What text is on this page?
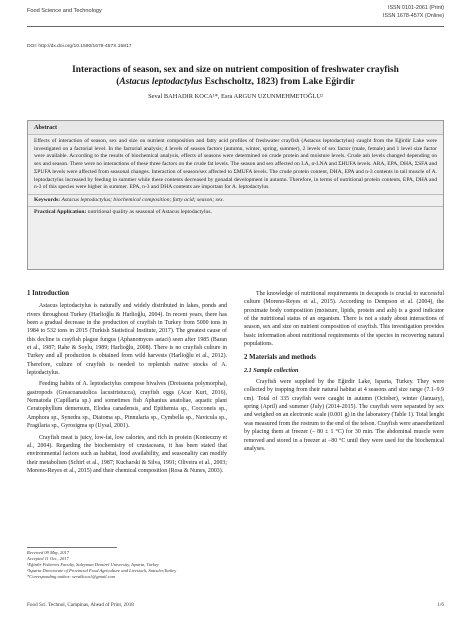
Food Science and Technology	ISSN 0101-2061 (Print)
ISSN 1678-457X (Online)
DOI: http://dx.doi.org/10.1590/1678-457X.15817
Interactions of season, sex and size on nutrient composition of freshwater crayfish
(Astacus leptodactylus Eschscholtz, 1823) from Lake Eğirdir
Seval BAHADIR KOCA¹*, Esra ARGUN UZUNMEHMETOĞLU²
Abstract
Effects of interaction of season, sex and size on nutrient composition and fatty acid profiles of freshwater crayfish (Astacus leptodactylus) caught from the Eğirdir Lake were investigated on a factorial level. In the factorial analysis; 4 levels of season factors (autumn, winter, spring, summer), 2 levels of sex factor (male, female) and 1 level size factor were available. According to the results of biochemical analysis, effects of seasons were determined on crude protein and moisture levels. Crude ash levels changed depending on sex and season. There were no interactions of these three factors on the crude fat levels. The season and sex affected on LA, α-LNA and ΣHUFA levels. ARA, EPA, DHA, ΣSFA and ΣPUFA levels were affected from seasonal changes. Interaction of season/sex affected to ΣMUFA levels. The crude protein content, DHA, EPA and n-3 contents in tail muscle of A. leptodactylus increased by feeding in summer while these contents decreased by gonadal development in autumn. Therefore, in terms of nutritional protein contents, EPA, DHA and n-3 of this species were higher in summer. EPA, n-3 and DHA contents are important for A. leptodactylus.
Keywords: Astacus leptodactylus; biochemical composition; fatty acid; season; sex.
Practical Application: nutritional quality as seasonal of Astacus leptodactylus.
1 Introduction

Astacus leptodactylus is naturally and widely distributed in lakes, ponds and rivers throughout Turkey (Harlioğlu & Harlioğlu, 2004). In recent years, there has been a gradual decrease in the production of crayfish in Turkey from 5000 tons in 1984 to 532 tons in 2015 (Turkish Statistical Institute, 2017). The greatest cause of this decline is crayfish plague fungus (Aphanomyces astaci) seen after 1985 (Baran et al., 1987; Rahe & Soylu, 1989; Harlioğlu, 2008). There is no crayfish culture in Turkey and all production is obtained from wild harvests (Harlioğlu et al., 2012). Therefore, culture of crayfish is needed to replenish native stocks of A. leptodactylus.

Feeding habits of A. leptodactylus compose bivalves (Dreissena polymorpha), gastropods (Greacoanatolica lacustristucca), crayfish eggs (Acar Kurt, 2016), Nematoda (Capillaria sp.) and sometimes fish Aphanius anatoliae, aquatic plant Ceratophyllum demersum, Elodea canadensis, and Epithemia sp., Cocconeis sp., Amphora sp., Synedra sp., Diatoma sp., Pinnularia sp., Cymbella sp., Navicula sp., Fragilaria sp., Gyrosigma sp (Uysal, 2001).

Crayfish meat is juicy, low-fat, low calories, and rich in protein (Konieczny et al., 2004). Regarding the biochemistry of crustaceans, it has been stated that environmental factors such as habitat, food availability, and seasonality can modify their metabolism (Schirf et al., 1987; Kucharski & Silva, 1991; Oliveira et al., 2003; Moreno-Reyes et al., 2015) and their chemical composition (Rosa & Nunes, 2003).

The knowledge of nutritional requirements in decapods is crucial to successful culture (Moreno-Reyes et al., 2015). According to Dempson et al. (2004), the proximate body composition (moisture, lipids, protein and ash) is a good indicator of the nutritional status of an organism. There is not a study about interactions of season, sex and size on nutrient composition of crayfish. This investigation provides basic information about nutritional requirements of the species in recovering natural populations.

2 Materials and methods
2.1 Sample collection

Crayfish were supplied by the Eğirdir Lake, Isparta, Turkey. They were collected by trapping from their natural habitat at 4 seasons and size range (7.1–9.9 cm). Total of 335 crayfish were caught in autumn (October), winter (January), spring (April) and summer (July) (2014-2015). The crayfish were separated by sex and weighed on an electronic scale (0.001 g) in the laboratory (Table 1). Total lenght was measured from the rostrum to the end of the telson. Crayfish were anaesthetized by placing them at freezer (– 80 ± 1 °C) for 30 min. The abdominal muscle were removed and stored in a freezer at −80 °C until they were used for the biochemical analyses.

Received 09 May, 2017
Accepted 11 Oct., 2017
¹Eğirdir Fisheries Faculty, Suleyman Demirel University, Isparta, Turkey
²Isparta Directorate of Provincial Food Agriculture and Livestock, Sutculer,Turkey
*Corresponding author: sevalkoca1@gmail.com
Food Sci. Technol, Campinas, Ahead of Print, 2018	1/6
